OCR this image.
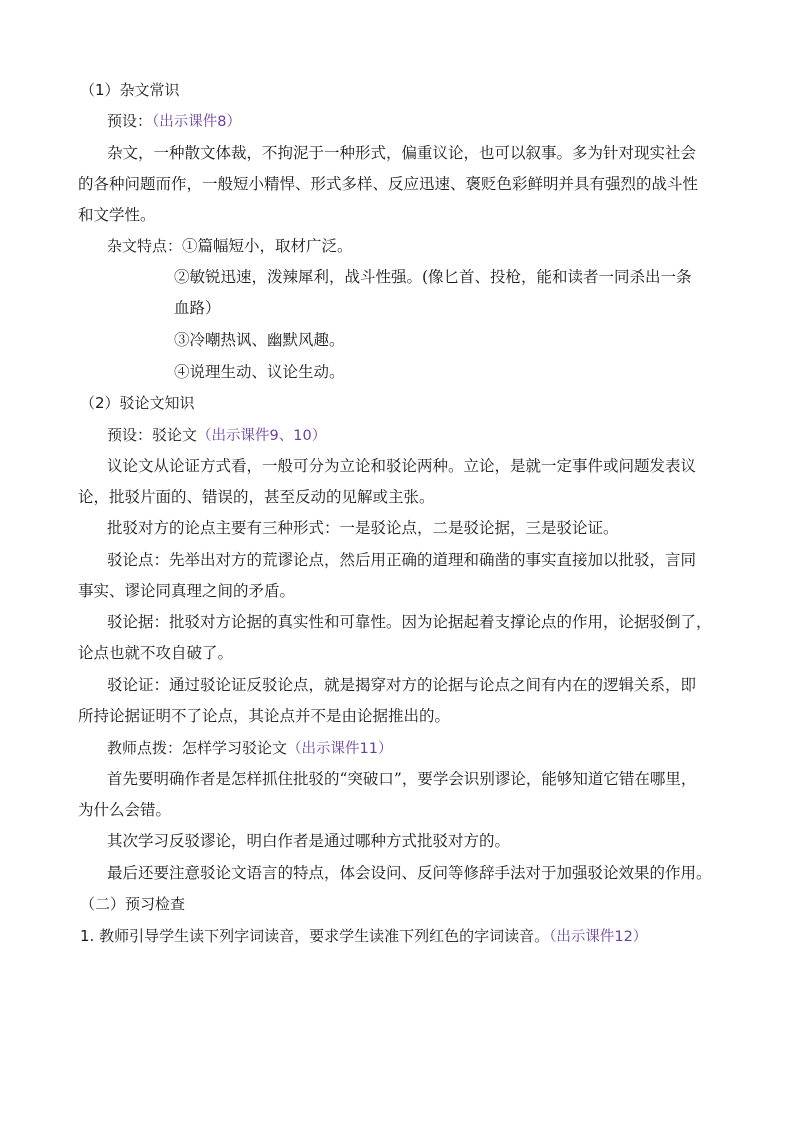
（1）杂文常识
预设：（出示课件8）
杂文，一种散文体裁，不拘泥于一种形式，偏重议论，也可以叙事。多为针对现实社会
的各种问题而作，一般短小精悍、形式多样、反应迅速、褒贬色彩鲜明并具有强烈的战斗性
和文学性。
杂文特点：①篇幅短小，取材广泛。
②敏锐迅速，泼辣犀利，战斗性强。(像匕首、投枪，能和读者一同杀出一条
血路）
③冷嘲热讽、幽默风趣。
④说理生动、议论生动。
（2）驳论文知识
预设：驳论文（出示课件9、10）
议论文从论证方式看，一般可分为立论和驳论两种。立论，是就一定事件或问题发表议
论，批驳片面的、错误的，甚至反动的见解或主张。
批驳对方的论点主要有三种形式：一是驳论点，二是驳论据，三是驳论证。
驳论点：先举出对方的荒谬论点，然后用正确的道理和确凿的事实直接加以批驳，言同
事实、谬论同真理之间的矛盾。
驳论据：批驳对方论据的真实性和可靠性。因为论据起着支撑论点的作用，论据驳倒了，
论点也就不攻自破了。
驳论证：通过驳论证反驳论点，就是揭穿对方的论据与论点之间有内在的逻辑关系，即
所持论据证明不了论点，其论点并不是由论据推出的。
教师点拨：怎样学习驳论文（出示课件11）
首先要明确作者是怎样抓住批驳的“突破口”，要学会识别谬论，能够知道它错在哪里，
为什么会错。
其次学习反驳谬论，明白作者是通过哪种方式批驳对方的。
最后还要注意驳论文语言的特点，体会设问、反问等修辞手法对于加强驳论效果的作用。
（二）预习检查
1. 教师引导学生读下列字词读音，要求学生读准下列红色的字词读音。（出示课件12）
